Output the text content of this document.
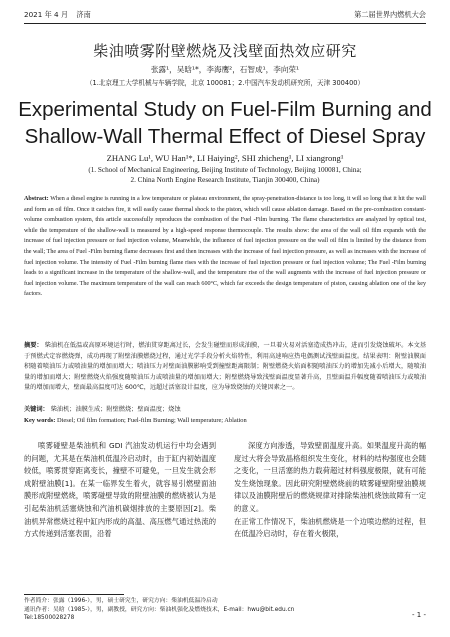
2021 年 4 月 济南	第二届世界内燃机大会
柴油喷雾附壁燃烧及浅壁面热效应研究
张露¹，吴晗¹*，李海鹰²，石智成¹，李向荣¹
（1.北京理工大学机械与车辆学院，北京 100081；2.中国汽车发动机研究所，天津 300400）
Experimental Study on Fuel-Film Burning and Shallow-Wall Thermal Effect of Diesel Spray
ZHANG Lu¹, WU Han¹*, LI Haiying², SHI zhicheng¹, LI xiangrong¹
(1. School of Mechanical Engineering, Beijing Institute of Technology, Beijing 100081, China;
2. China North Engine Research Institute, Tianjin 300400, China)
Abstract: When a diesel engine is running in a low temperature or plateau environment, the spray-penetration-distance is too long, it will so long that it hit the wall and form an oil film. Once it catches fire, it will easily cause thermal shock to the piston, which will cause ablation damage. Based on the pre-combustion constant-volume combustion system, this article successfully reproduces the combustion of the Fuel -Film burning. The flame characteristics are analyzed by optical test, while the temperature of the shallow-wall is measured by a high-speed response thermocouple. The results show: the area of the wall oil film expands with the increase of fuel injection pressure or fuel injection volume, Meanwhile, the influence of fuel injection pressure on the wall oil film is limited by the distance from the wall; The area of Fuel -Film burning flame decreases first and then increases with the increase of fuel injection pressure, as well as increases with the increase of fuel injection volume. The intensity of Fuel -Film burning flame rises with the increase of fuel injection pressure or fuel injection volume; The Fuel -Film burning leads to a significant increase in the temperature of the shallow-wall, and the temperature rise of the wall augments with the increase of fuel injection pressure or fuel injection volume. The maximum temperature of the wall can reach 600°C, which far exceeds the design temperature of piston, causing ablation one of the key factors.
摘要： 柴油机在低温或高原环境运行时，燃油贯穿距离过长，会发生碰壁而形成油膜，一旦着火易对活塞造成热冲击，进而引发烧蚀破坏。本文基于预燃式定容燃烧弹，成功再现了附壁油膜燃烧过程，通过光学手段分析火焰特性，利用高速响应热电偶测试浅壁面温度。结果表明：附壁油膜面积随着喷油压力或喷油量的增加而增大；喷油压力对壁面油膜影响受到撞壁距离限制；附壁燃烧火焰面积随喷油压力的增加先减小后增大，随喷油量的增加而增大；附壁燃烧火焰强度随喷油压力或喷油量的增加而增大；附壁燃烧导致浅壁面温度显著升高，且壁面温升幅度随着喷油压力或喷油量的增加而增大，壁面最高温度可达 600℃，远超过活塞设计温度，应为导致烧蚀的关键因素之一。
关键词： 柴油机；油膜生成；附壁燃烧；壁面温度；烧蚀
Key words: Diesel; Oil film formation; Fuel-film Burning; Wall temperature; Ablation
喷雾碰壁是柴油机和 GDI 汽油发动机运行中均会遇到的问题，尤其是在柴油机低温冷启动时，由于缸内初始温度较低，喷雾贯穿距离变长，撞壁不可避免，一旦发生就会形成附壁油膜[1]。在某一临界发生着火，就容易引燃壁面油膜形成附壁燃烧，喷雾碰壁导致的附壁油膜的燃烧被认为是引起柴油机活塞烧蚀和汽油机碳烟排放的主要原因[2]。柴油机异常燃烧过程中缸内形成的高温、高压燃气通过热流的方式传递到活塞表面，沿着
深度方向渗透，导致壁面温度升高。如果温度升高的幅度过大将会导致晶格组织发生变化，材料的结构强度也会随之变化，一旦活塞的热力载荷超过材料强度极限，就有可能发生烧蚀现象。因此研究附壁燃烧前的喷雾碰壁附壁油膜规律以及油膜附壁后的燃烧规律对排除柴油机烧蚀故障有一定的意义。
在正常工作情况下，柴油机燃烧是一个边喷边燃的过程，但在低温冷启动时，存在着火极限，
作者简介：张露（1996-），男，硕士研究生，研究方向：柴油机低温冷启动
通讯作者：吴晗（1985-），男，副教授，研究方向：柴油机强化及燃烧技术，E-mail：hwu@bit.edu.cn
Tel:18500028278	- 1 -
